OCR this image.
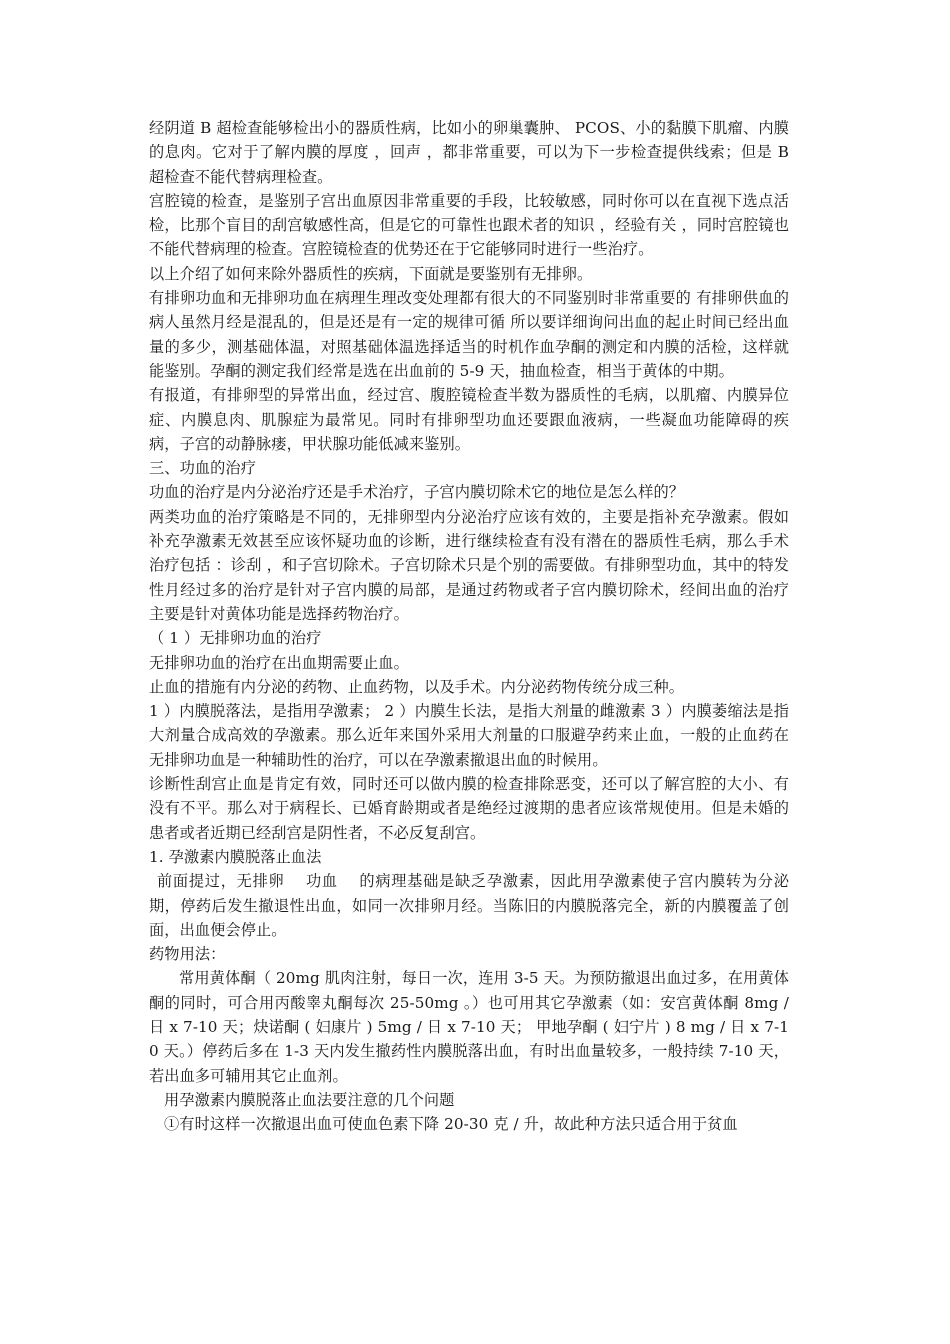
经阴道 B 超检查能够检出小的器质性病，比如小的卵巢囊肿、 PCOS、小的黏膜下肌瘤、内膜的息肉。它对于了解内膜的厚度 ，回声 ，都非常重要，可以为下一步检查提供线索；但是 B 超检查不能代替病理检查。

宫腔镜的检查，是鉴别子宫出血原因非常重要的手段，比较敏感，同时你可以在直视下选点活检，比那个盲目的刮宫敏感性高，但是它的可靠性也跟术者的知识 ，经验有关 ，同时宫腔镜也不能代替病理的检查。宫腔镜检查的优势还在于它能够同时进行一些治疗。

以上介绍了如何来除外器质性的疾病，下面就是要鉴别有无排卵。

有排卵功血和无排卵功血在病理生理改变处理都有很大的不同鉴别时非常重要的 有排卵供血的病人虽然月经是混乱的，但是还是有一定的规律可循 所以要详细询问出血的起止时间已经出血量的多少，测基础体温，对照基础体温选择适当的时机作血孕酮的测定和内膜的活检，这样就能鉴别。孕酮的测定我们经常是选在出血前的 5-9 天，抽血检查，相当于黄体的中期。

有报道，有排卵型的异常出血，经过宫、腹腔镜检查半数为器质性的毛病，以肌瘤、内膜异位症、内膜息肉、肌腺症为最常见。同时有排卵型功血还要跟血液病，一些凝血功能障碍的疾病，子宫的动静脉瘘，甲状腺功能低减来鉴别。

三、功血的治疗

功血的治疗是内分泌治疗还是手术治疗，子宫内膜切除术它的地位是怎么样的？

两类功血的治疗策略是不同的，无排卵型内分泌治疗应该有效的，主要是指补充孕激素。假如补充孕激素无效甚至应该怀疑功血的诊断，进行继续检查有没有潜在的器质性毛病，那么手术治疗包括 ：诊刮 ，和子宫切除术。子宫切除术只是个别的需要做。有排卵型功血，其中的特发性月经过多的治疗是针对子宫内膜的局部，是通过药物或者子宫内膜切除术，经间出血的治疗主要是针对黄体功能是选择药物治疗。

（ 1 ）无排卵功血的治疗

无排卵功血的治疗在出血期需要止血。

止血的措施有内分泌的药物、止血药物，以及手术。内分泌药物传统分成三种。

1 ）内膜脱落法，是指用孕激素； 2 ）内膜生长法，是指大剂量的雌激素 3 ）内膜萎缩法是指大剂量合成高效的孕激素。那么近年来国外采用大剂量的口服避孕药来止血，一般的止血药在无排卵功血是一种辅助性的治疗，可以在孕激素撤退出血的时候用。

诊断性刮宫止血是肯定有效，同时还可以做内膜的检查排除恶变，还可以了解宫腔的大小、有没有不平。那么对于病程长、已婚育龄期或者是绝经过渡期的患者应该常规使用。但是未婚的患者或者近期已经刮宫是阴性者，不必反复刮宫。

1. 孕激素内膜脱落止血法

前面提过，无排卵　 功血　 的病理基础是缺乏孕激素，因此用孕激素使子宫内膜转为分泌期，停药后发生撤退性出血，如同一次排卵月经。当陈旧的内膜脱落完全，新的内膜覆盖了创面，出血便会停止。

药物用法：

常用黄体酮（ 20mg 肌肉注射，每日一次，连用 3-5 天。为预防撤退出血过多，在用黄体酮的同时，可合用丙酸睾丸酮每次 25-50mg 。）也可用其它孕激素（如：安宫黄体酮 8mg / 日 x 7-10 天；炔诺酮 ( 妇康片 ) 5mg / 日 x 7-10 天； 甲地孕酮 ( 妇宁片 ) 8 mg / 日 x 7-10 天。）停药后多在 1-3 天内发生撤药性内膜脱落出血，有时出血量较多，一般持续 7-10 天，若出血多可辅用其它止血剂。

用孕激素内膜脱落止血法要注意的几个问题

①有时这样一次撤退出血可使血色素下降 20-30 克 / 升，故此种方法只适合用于贫血
